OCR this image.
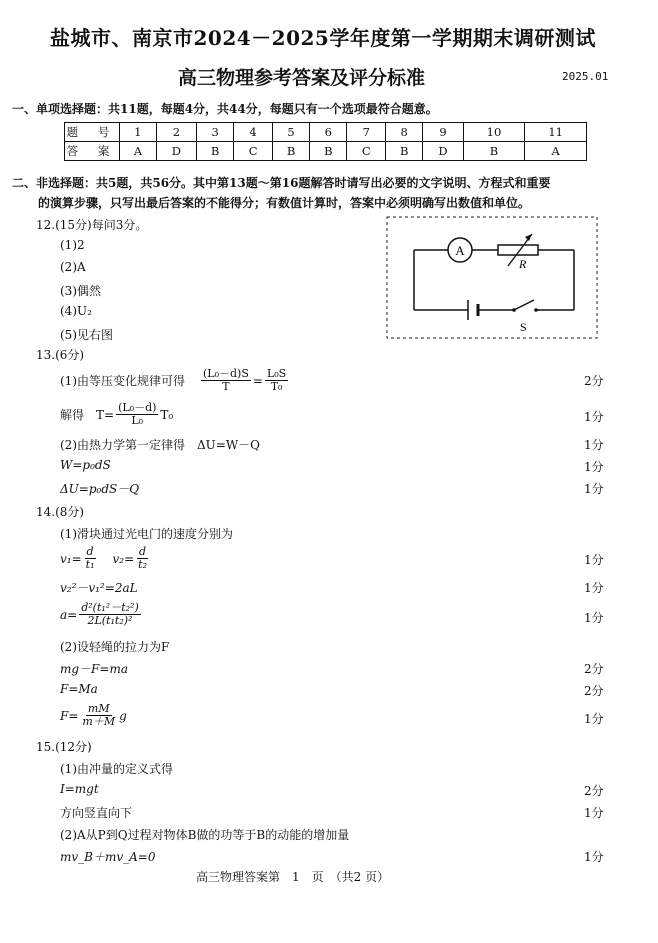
盐城市、南京市2024－2025学年度第一学期期末调研测试
高三物理参考答案及评分标准	2025.01
一、单项选择题：共11题，每题4分，共44分，每题只有一个选项最符合题意。
题 号	1	2	3	4	5	6	7	8	9	10	11
答 案	A	D	B	C	B	B	C	B	D	B	A
二、非选择题：共5题，共56分。其中第13题～第16题解答时请写出必要的文字说明、方程式和重要
的演算步骤，只写出最后答案的不能得分；有数值计算时，答案中必须明确写出数值和单位。
12.(15分)每问3分。
(1)2
(2)A
(3)偶然
(4)U₂
(5)见右图
A
R
S
13.(6分)
(1)由等压变化规律可得 $\frac{\text{(L₀－d)S}}{T} = \frac{\text{L₀S}}{\text{T₀}}$	2分
解得　$T= \frac{\text{(L₀－d)}}{\text{L₀}} T_0$	1分
(2)由热力学第一定律得　ΔU=W－Q	1分
W=p₀dS	1分
ΔU=p₀dS－Q	1分
14.(8分)
(1)滑块通过光电门的速度分别为
$v_1= \frac{d}{\text{t₁}} v_2= \frac{d}{\text{t₂}}$	1分
v₂²－v₁²=2aL	1分
$a= \frac{\text{d²(t₁²－t₂²)}}{\text{2L(t₁t₂)²}}$	1分
(2)设轻绳的拉力为F
mg－F=ma	2分
F=Ma	2分
$F= \frac{mM}{m+M}$ g	1分
15.(12分)
(1)由冲量的定义式得
I=mgt	2分
方向竖直向下	1分
(2)A从P到Q过程对物体B做的功等于B的动能的增加量
mv_B＋mv_A=0	1分
高三物理答案第　1　页　（共2 页）
